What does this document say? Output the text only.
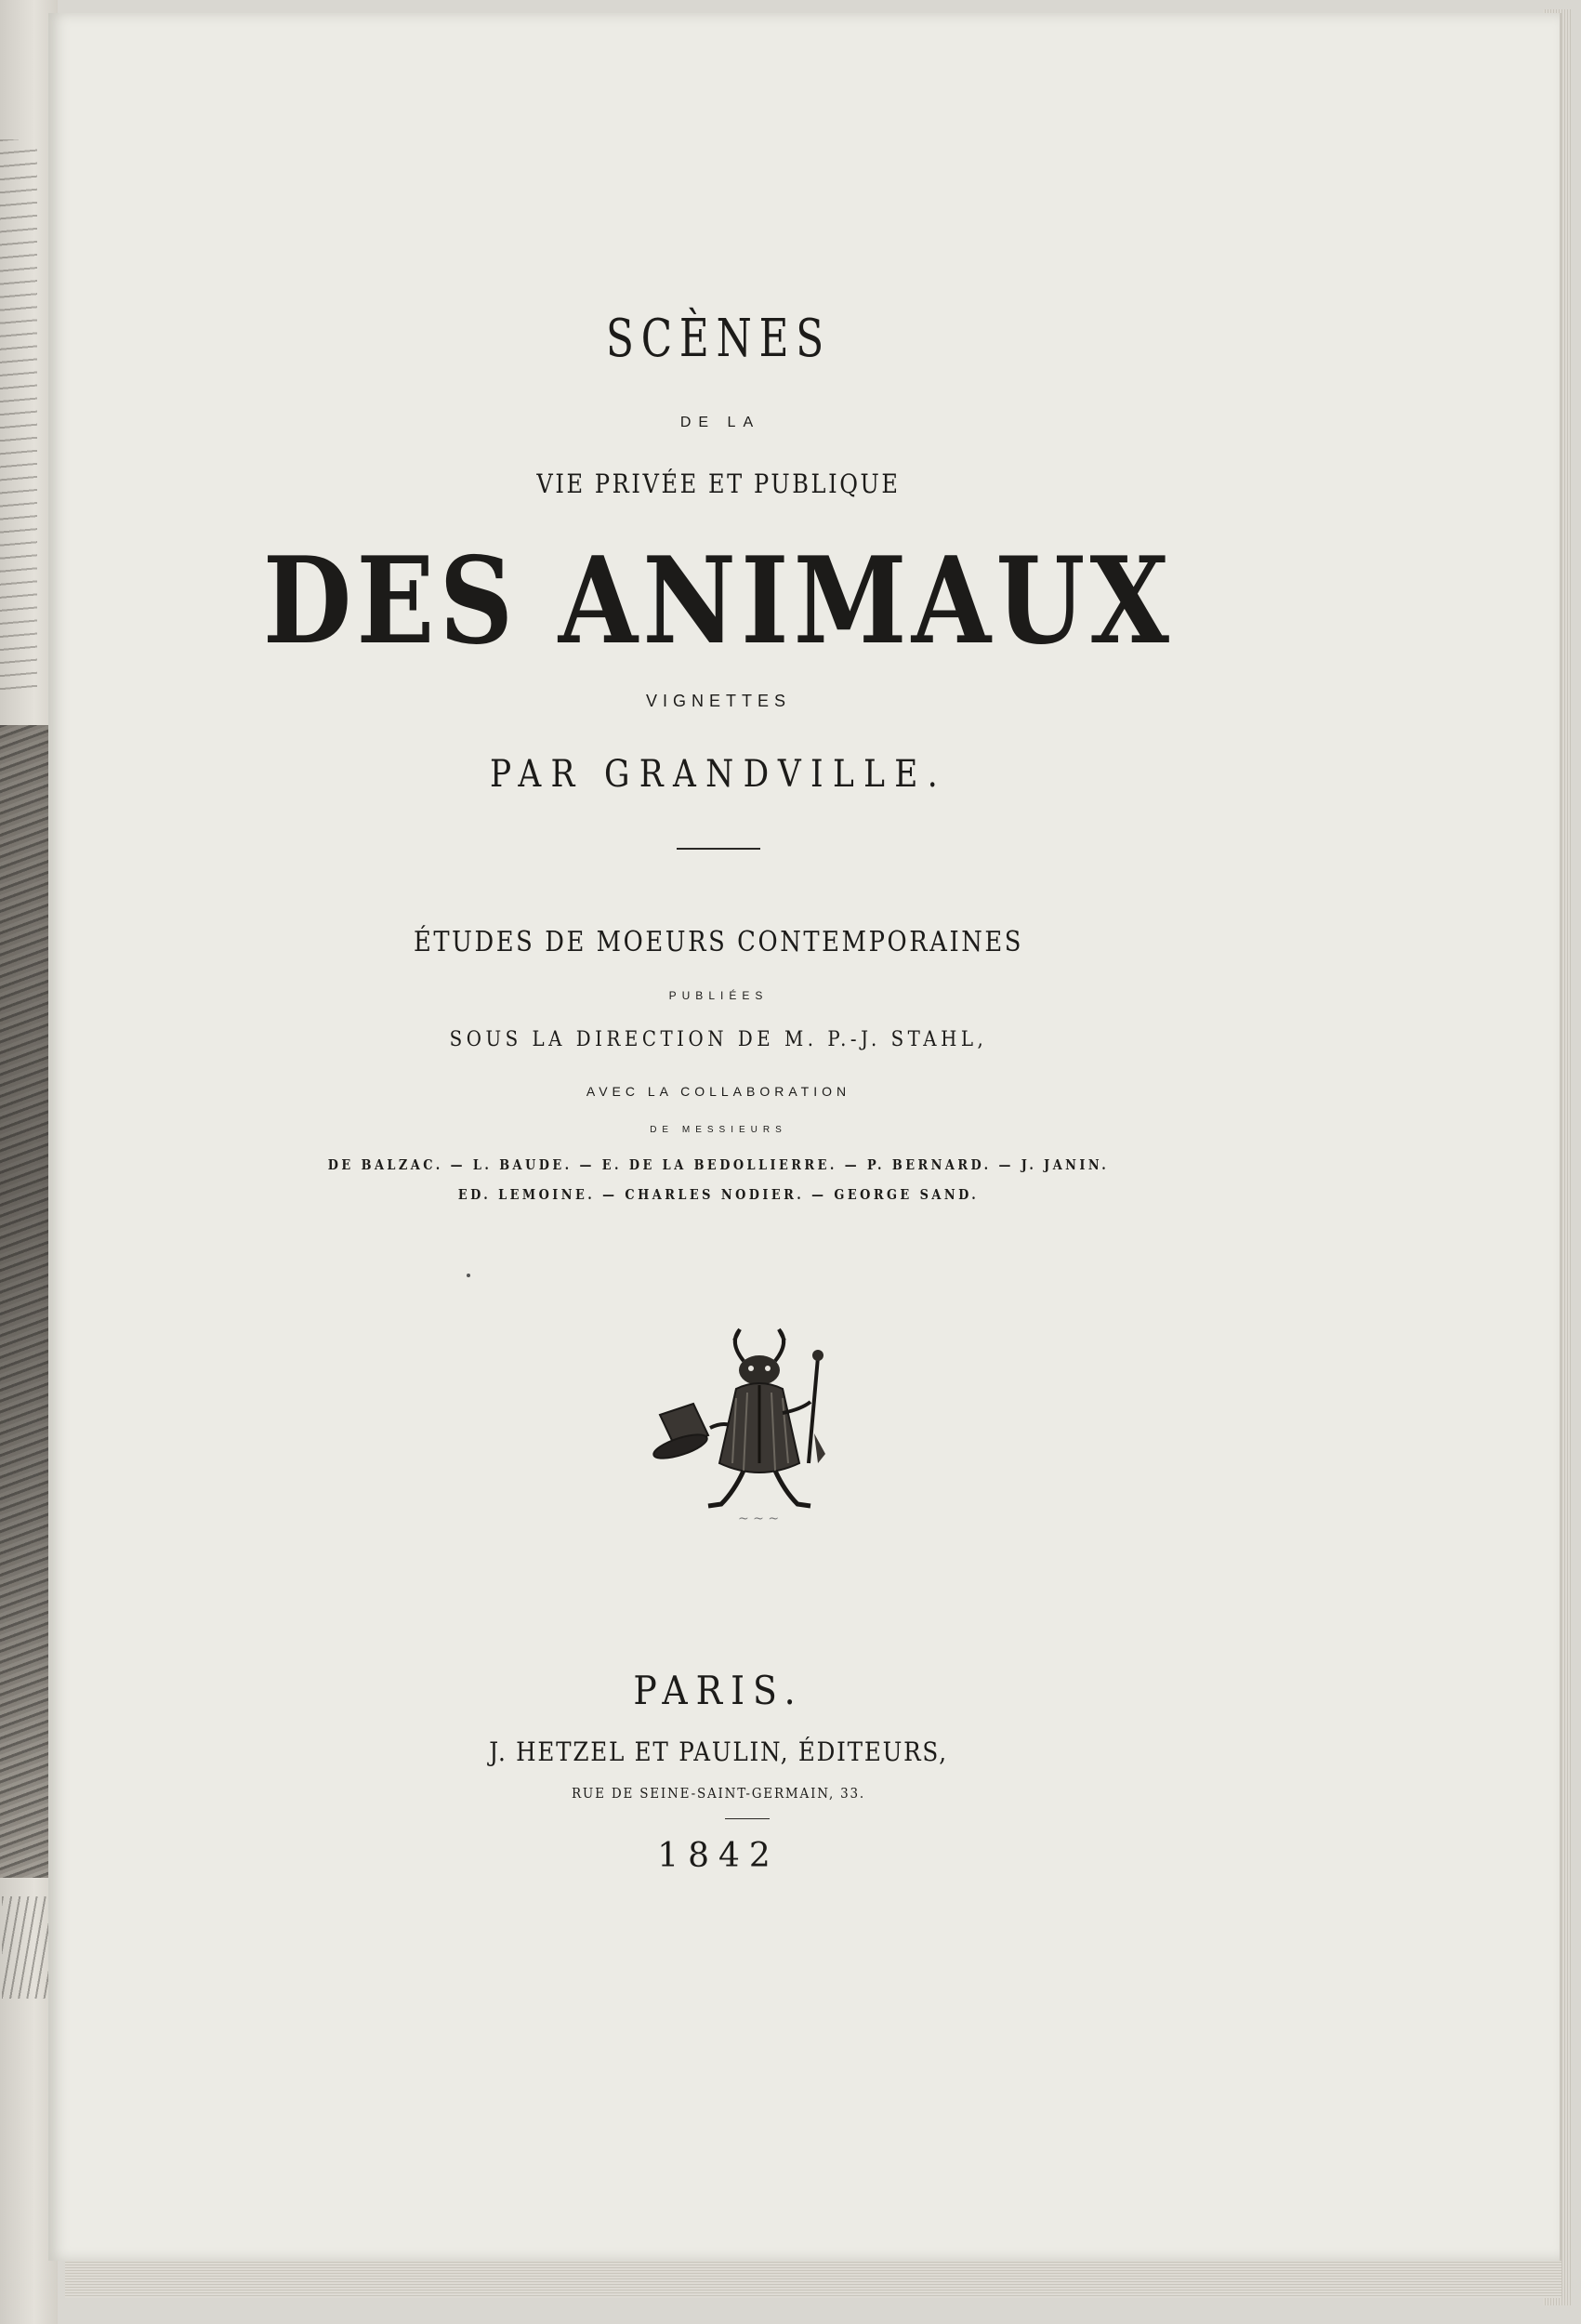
SCÈNES

DE LA

VIE PRIVÉE ET PUBLIQUE

DES ANIMAUX

VIGNETTES

PAR GRANDVILLE.

ÉTUDES DE MOEURS CONTEMPORAINES

PUBLIÉES

SOUS LA DIRECTION DE M. P.-J. STAHL,

AVEC LA COLLABORATION

DE MESSIEURS

DE BALZAC. — L. BAUDE. — E. DE LA BEDOLLIERRE. — P. BERNARD. — J. JANIN.

ED. LEMOINE. — CHARLES NODIER. — GEORGE SAND.

~ ~ ~

PARIS.

J. HETZEL ET PAULIN, ÉDITEURS,

RUE DE SEINE-SAINT-GERMAIN, 33.

1842
